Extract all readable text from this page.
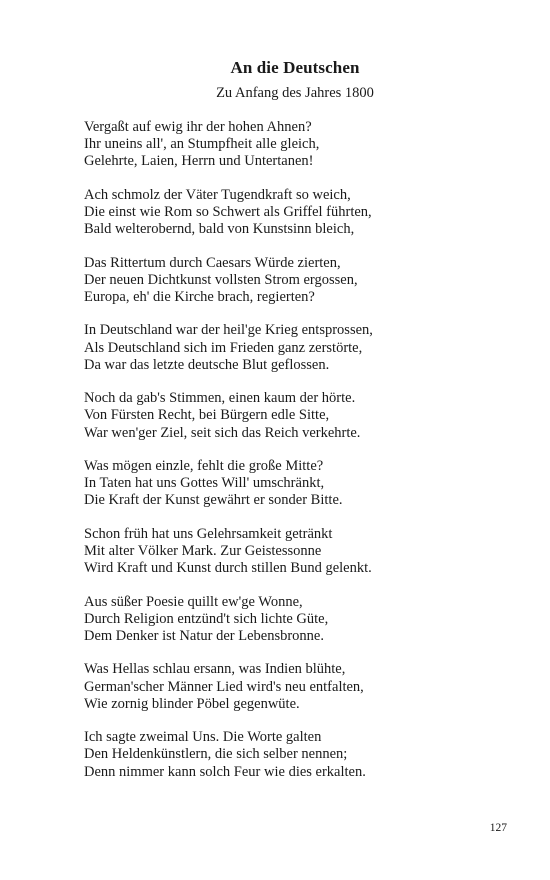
An die Deutschen
Zu Anfang des Jahres 1800
Vergaßt auf ewig ihr der hohen Ahnen?
Ihr uneins all', an Stumpfheit alle gleich,
Gelehrte, Laien, Herrn und Untertanen!
Ach schmolz der Väter Tugendkraft so weich,
Die einst wie Rom so Schwert als Griffel führten,
Bald welterobernd, bald von Kunstsinn bleich,
Das Rittertum durch Caesars Würde zierten,
Der neuen Dichtkunst vollsten Strom ergossen,
Europa, eh' die Kirche brach, regierten?
In Deutschland war der heil'ge Krieg entsprossen,
Als Deutschland sich im Frieden ganz zerstörte,
Da war das letzte deutsche Blut geflossen.
Noch da gab's Stimmen, einen kaum der hörte.
Von Fürsten Recht, bei Bürgern edle Sitte,
War wen'ger Ziel, seit sich das Reich verkehrte.
Was mögen einzle, fehlt die große Mitte?
In Taten hat uns Gottes Will' umschränkt,
Die Kraft der Kunst gewährt er sonder Bitte.
Schon früh hat uns Gelehrsamkeit getränkt
Mit alter Völker Mark. Zur Geistessonne
Wird Kraft und Kunst durch stillen Bund gelenkt.
Aus süßer Poesie quillt ew'ge Wonne,
Durch Religion entzünd't sich lichte Güte,
Dem Denker ist Natur der Lebensbronne.
Was Hellas schlau ersann, was Indien blühte,
German'scher Männer Lied wird's neu entfalten,
Wie zornig blinder Pöbel gegenwüte.
Ich sagte zweimal Uns. Die Worte galten
Den Heldenkünstlern, die sich selber nennen;
Denn nimmer kann solch Feur wie dies erkalten.
127
